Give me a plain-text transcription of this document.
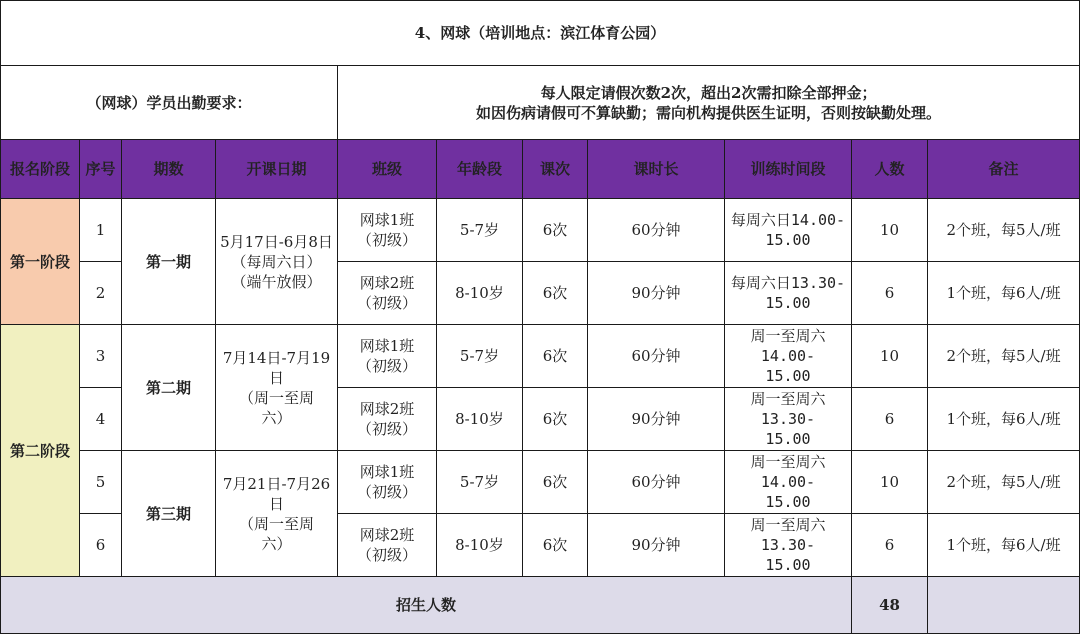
4、网球（培训地点：滨江体育公园）										
（网球）学员出勤要求：				每人限定请假次数2次，超出2次需扣除全部押金；
如因伤病请假可不算缺勤；需向机构提供医生证明，否则按缺勤处理。						

报名阶段	序号	期数	开课日期	班级	年龄段	课次	课时长	训练时间段	人数	备注
第一阶段	1	第一期	5月17日-6月8日
（每周六日）
（端午放假）	网球1班
（初级）	5-7岁	6次	60分钟	每周六日14.00-
15.00	10	2个班，每5人/班
	2			网球2班
（初级）	8-10岁	6次	90分钟	每周六日13.30-
15.00	6	1个班，每6人/班
第二阶段	3	第二期	7月14日-7月19
日
（周一至周
六）	网球1班
（初级）	5-7岁	6次	60分钟	周一至周六14.00-
15.00	10	2个班，每5人/班
	4			网球2班
（初级）	8-10岁	6次	90分钟	周一至周六13.30-
15.00	6	1个班，每6人/班
	5	第三期	7月21日-7月26
日
（周一至周
六）	网球1班
（初级）	5-7岁	6次	60分钟	周一至周六14.00-
15.00	10	2个班，每5人/班
	6			网球2班
（初级）	8-10岁	6次	90分钟	周一至周六13.30-
15.00	6	1个班，每6人/班
招生人数									48	
